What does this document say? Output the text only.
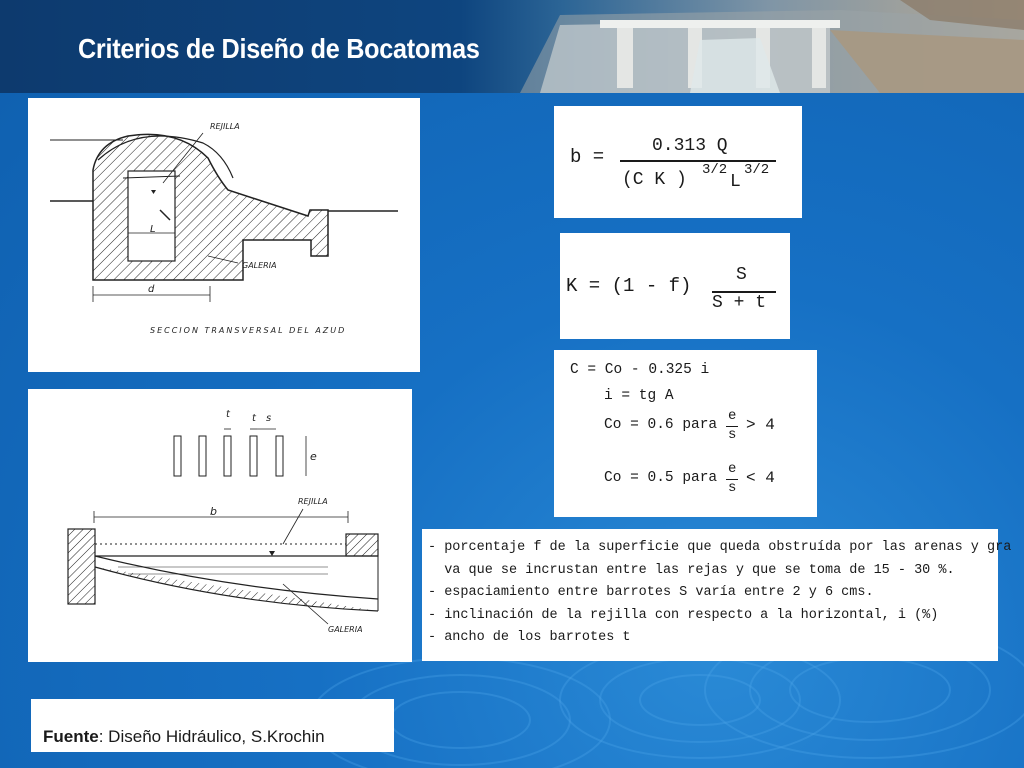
Criterios de Diseño de Bocatomas
REJILLA
L
GALERIA
d
SECCION TRANSVERSAL DEL AZUD
t t s
e
b
REJILLA
GALERIA
b =	0.313 Q
(C K ) 3/2
L
3/2
K = (1 - f) S
S + t
C = Co - 0.325 i
i = tg A
Co = 0.6 para
e
s
> 4
Co = 0.5 para
e
s
< 4
- porcentaje f de la superficie que queda obstruída por las arenas y gra
va que se incrustan entre las rejas y que se toma de 15 - 30 %.
- espaciamiento entre barrotes S varía entre 2 y 6 cms.
- inclinación de la rejilla con respecto a la horizontal, i (%)
- ancho de los barrotes t

Fuente: Diseño Hidráulico, S.Krochin
